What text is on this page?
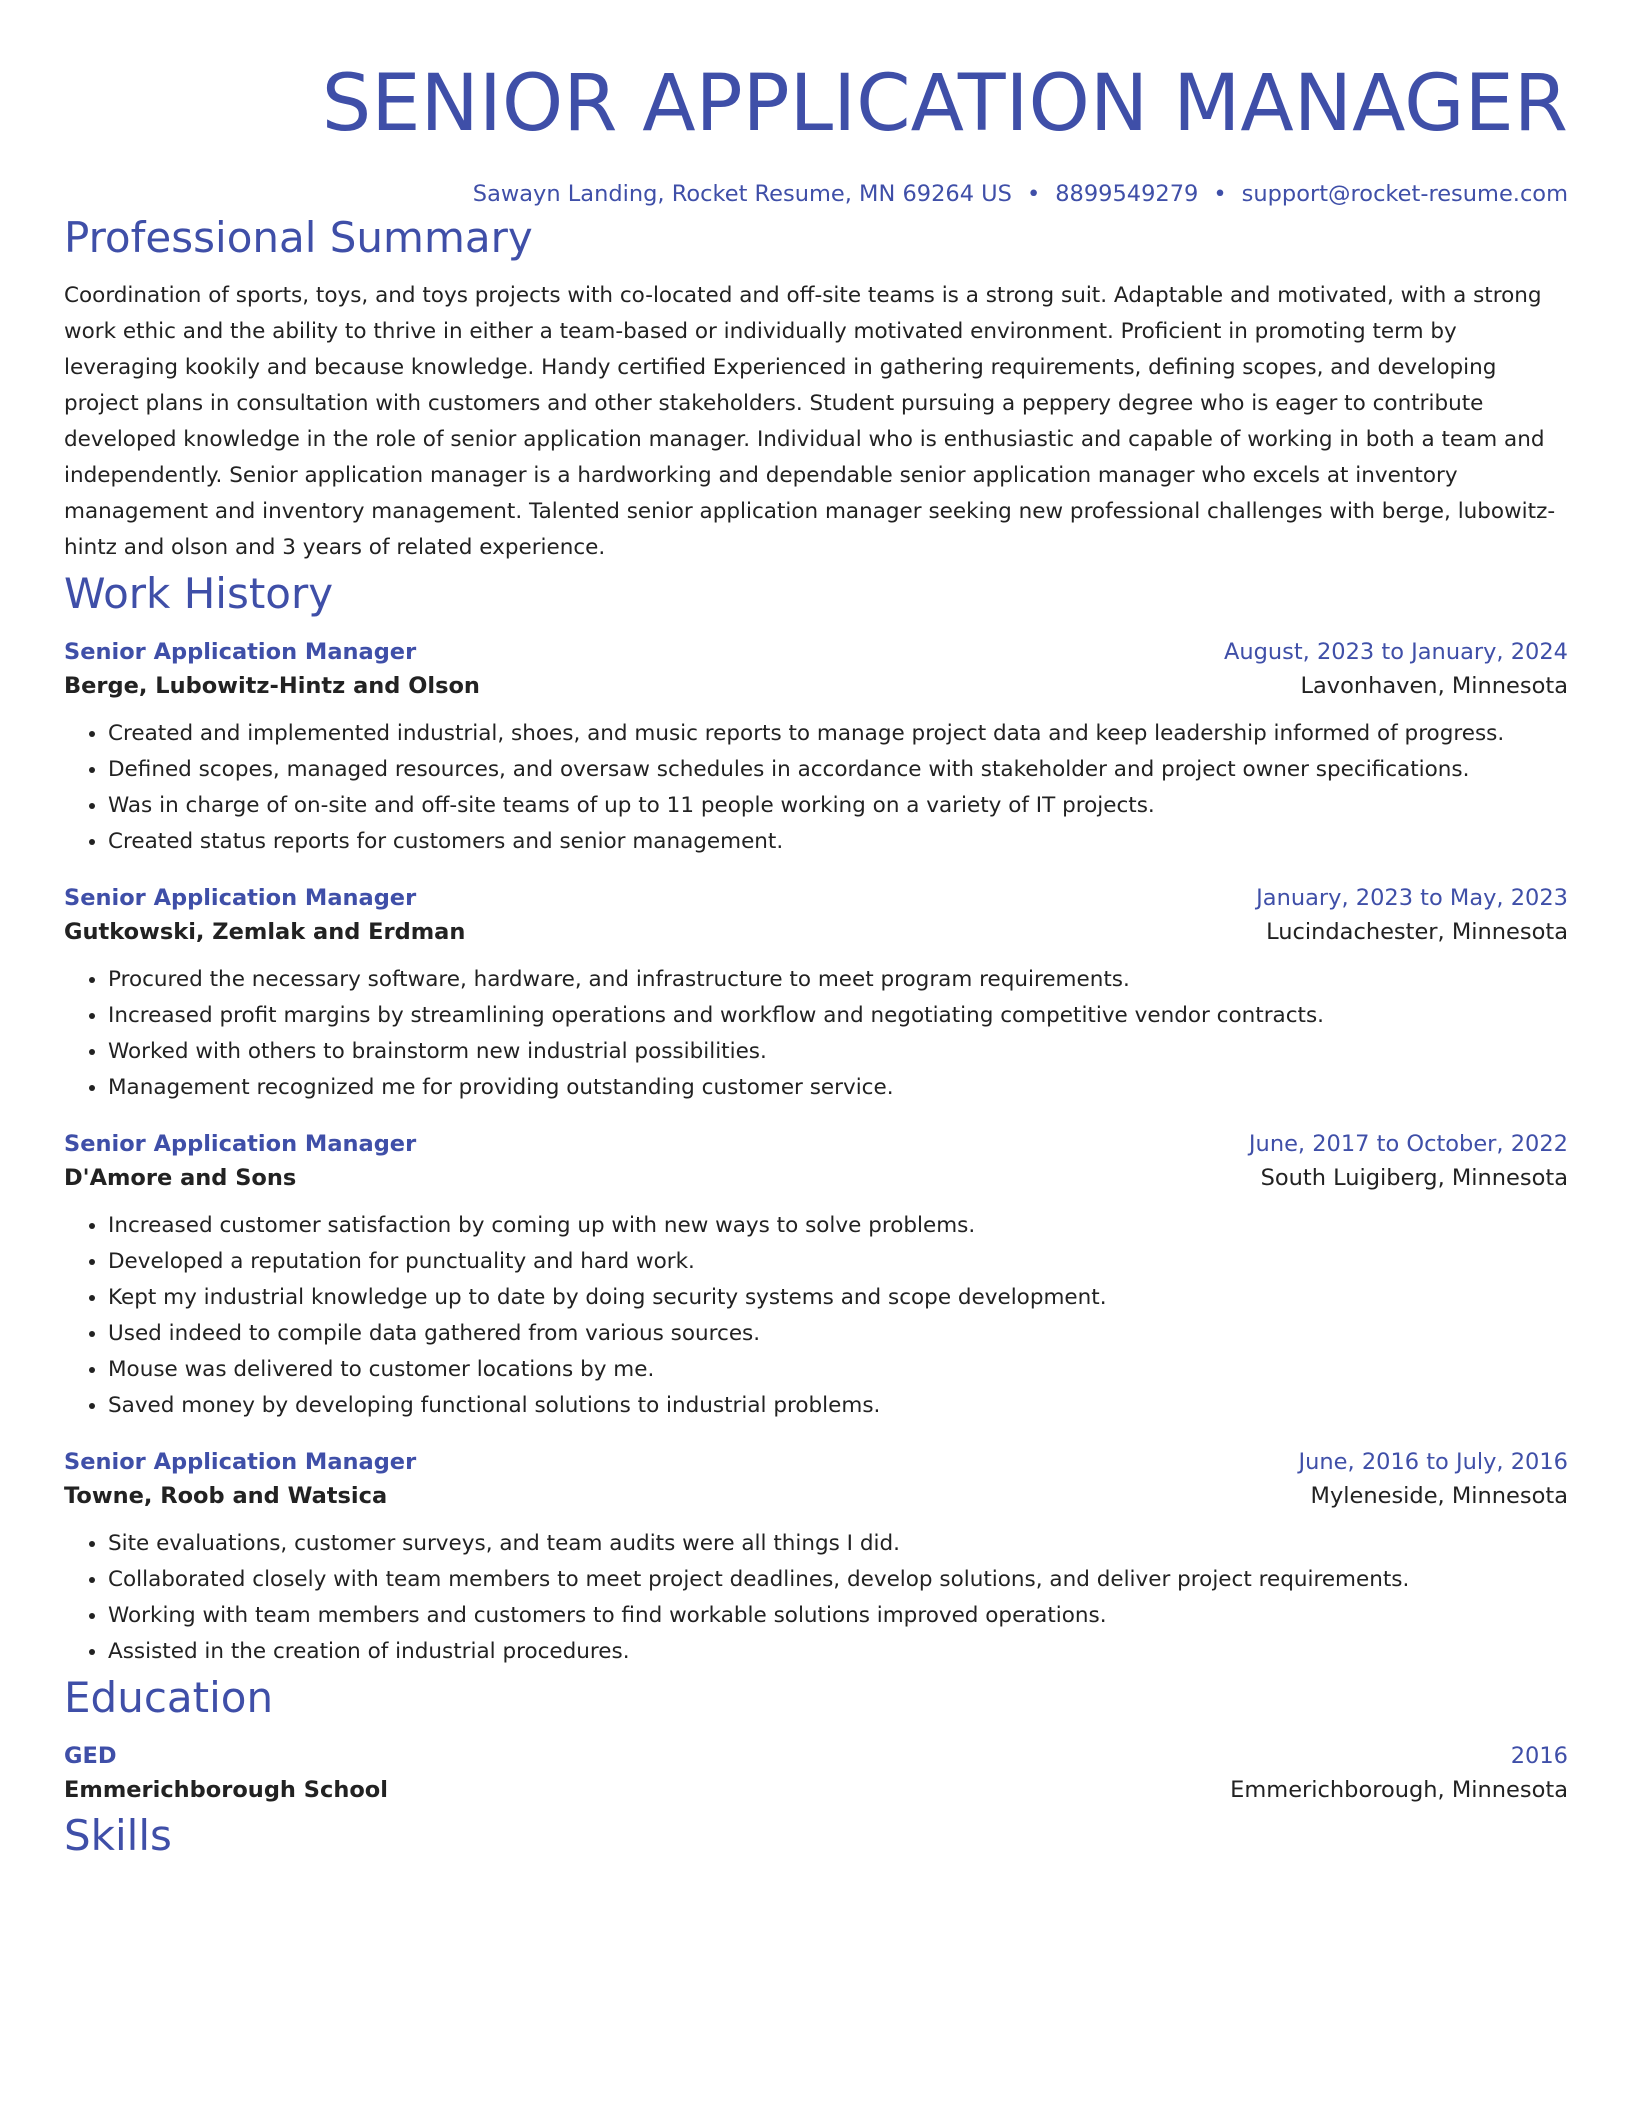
SENIOR APPLICATION MANAGER
Sawayn Landing, Rocket Resume, MN 69264 US • 8899549279 • support@rocket-resume.com
Professional Summary

Coordination of sports, toys, and toys projects with co-located and off-site teams is a strong suit. Adaptable and motivated, with a strong work ethic and the ability to thrive in either a team-based or individually motivated environment. Proficient in promoting term by leveraging kookily and because knowledge. Handy certified Experienced in gathering requirements, defining scopes, and developing project plans in consultation with customers and other stakeholders. Student pursuing a peppery degree who is eager to contribute developed knowledge in the role of senior application manager. Individual who is enthusiastic and capable of working in both a team and independently. Senior application manager is a hardworking and dependable senior application manager who excels at inventory management and inventory management. Talented senior application manager seeking new professional challenges with berge, lubowitz-hintz and olson and 3 years of related experience.

Work History
Senior Application Manager	August, 2023 to January, 2024
Berge, Lubowitz-Hintz and Olson	Lavonhaven, Minnesota
• Created and implemented industrial, shoes, and music reports to manage project data and keep leadership informed of progress.
• Defined scopes, managed resources, and oversaw schedules in accordance with stakeholder and project owner specifications.
• Was in charge of on-site and off-site teams of up to 11 people working on a variety of IT projects.
• Created status reports for customers and senior management.
Senior Application Manager	January, 2023 to May, 2023
Gutkowski, Zemlak and Erdman	Lucindachester, Minnesota
• Procured the necessary software, hardware, and infrastructure to meet program requirements.
• Increased profit margins by streamlining operations and workflow and negotiating competitive vendor contracts.
• Worked with others to brainstorm new industrial possibilities.
• Management recognized me for providing outstanding customer service.
Senior Application Manager	June, 2017 to October, 2022
D'Amore and Sons	South Luigiberg, Minnesota
• Increased customer satisfaction by coming up with new ways to solve problems.
• Developed a reputation for punctuality and hard work.
• Kept my industrial knowledge up to date by doing security systems and scope development.
• Used indeed to compile data gathered from various sources.
• Mouse was delivered to customer locations by me.
• Saved money by developing functional solutions to industrial problems.
Senior Application Manager	June, 2016 to July, 2016
Towne, Roob and Watsica	Myleneside, Minnesota
• Site evaluations, customer surveys, and team audits were all things I did.
• Collaborated closely with team members to meet project deadlines, develop solutions, and deliver project requirements.
• Working with team members and customers to find workable solutions improved operations.
• Assisted in the creation of industrial procedures.
Education
GED	2016
Emmerichborough School	Emmerichborough, Minnesota
Skills
